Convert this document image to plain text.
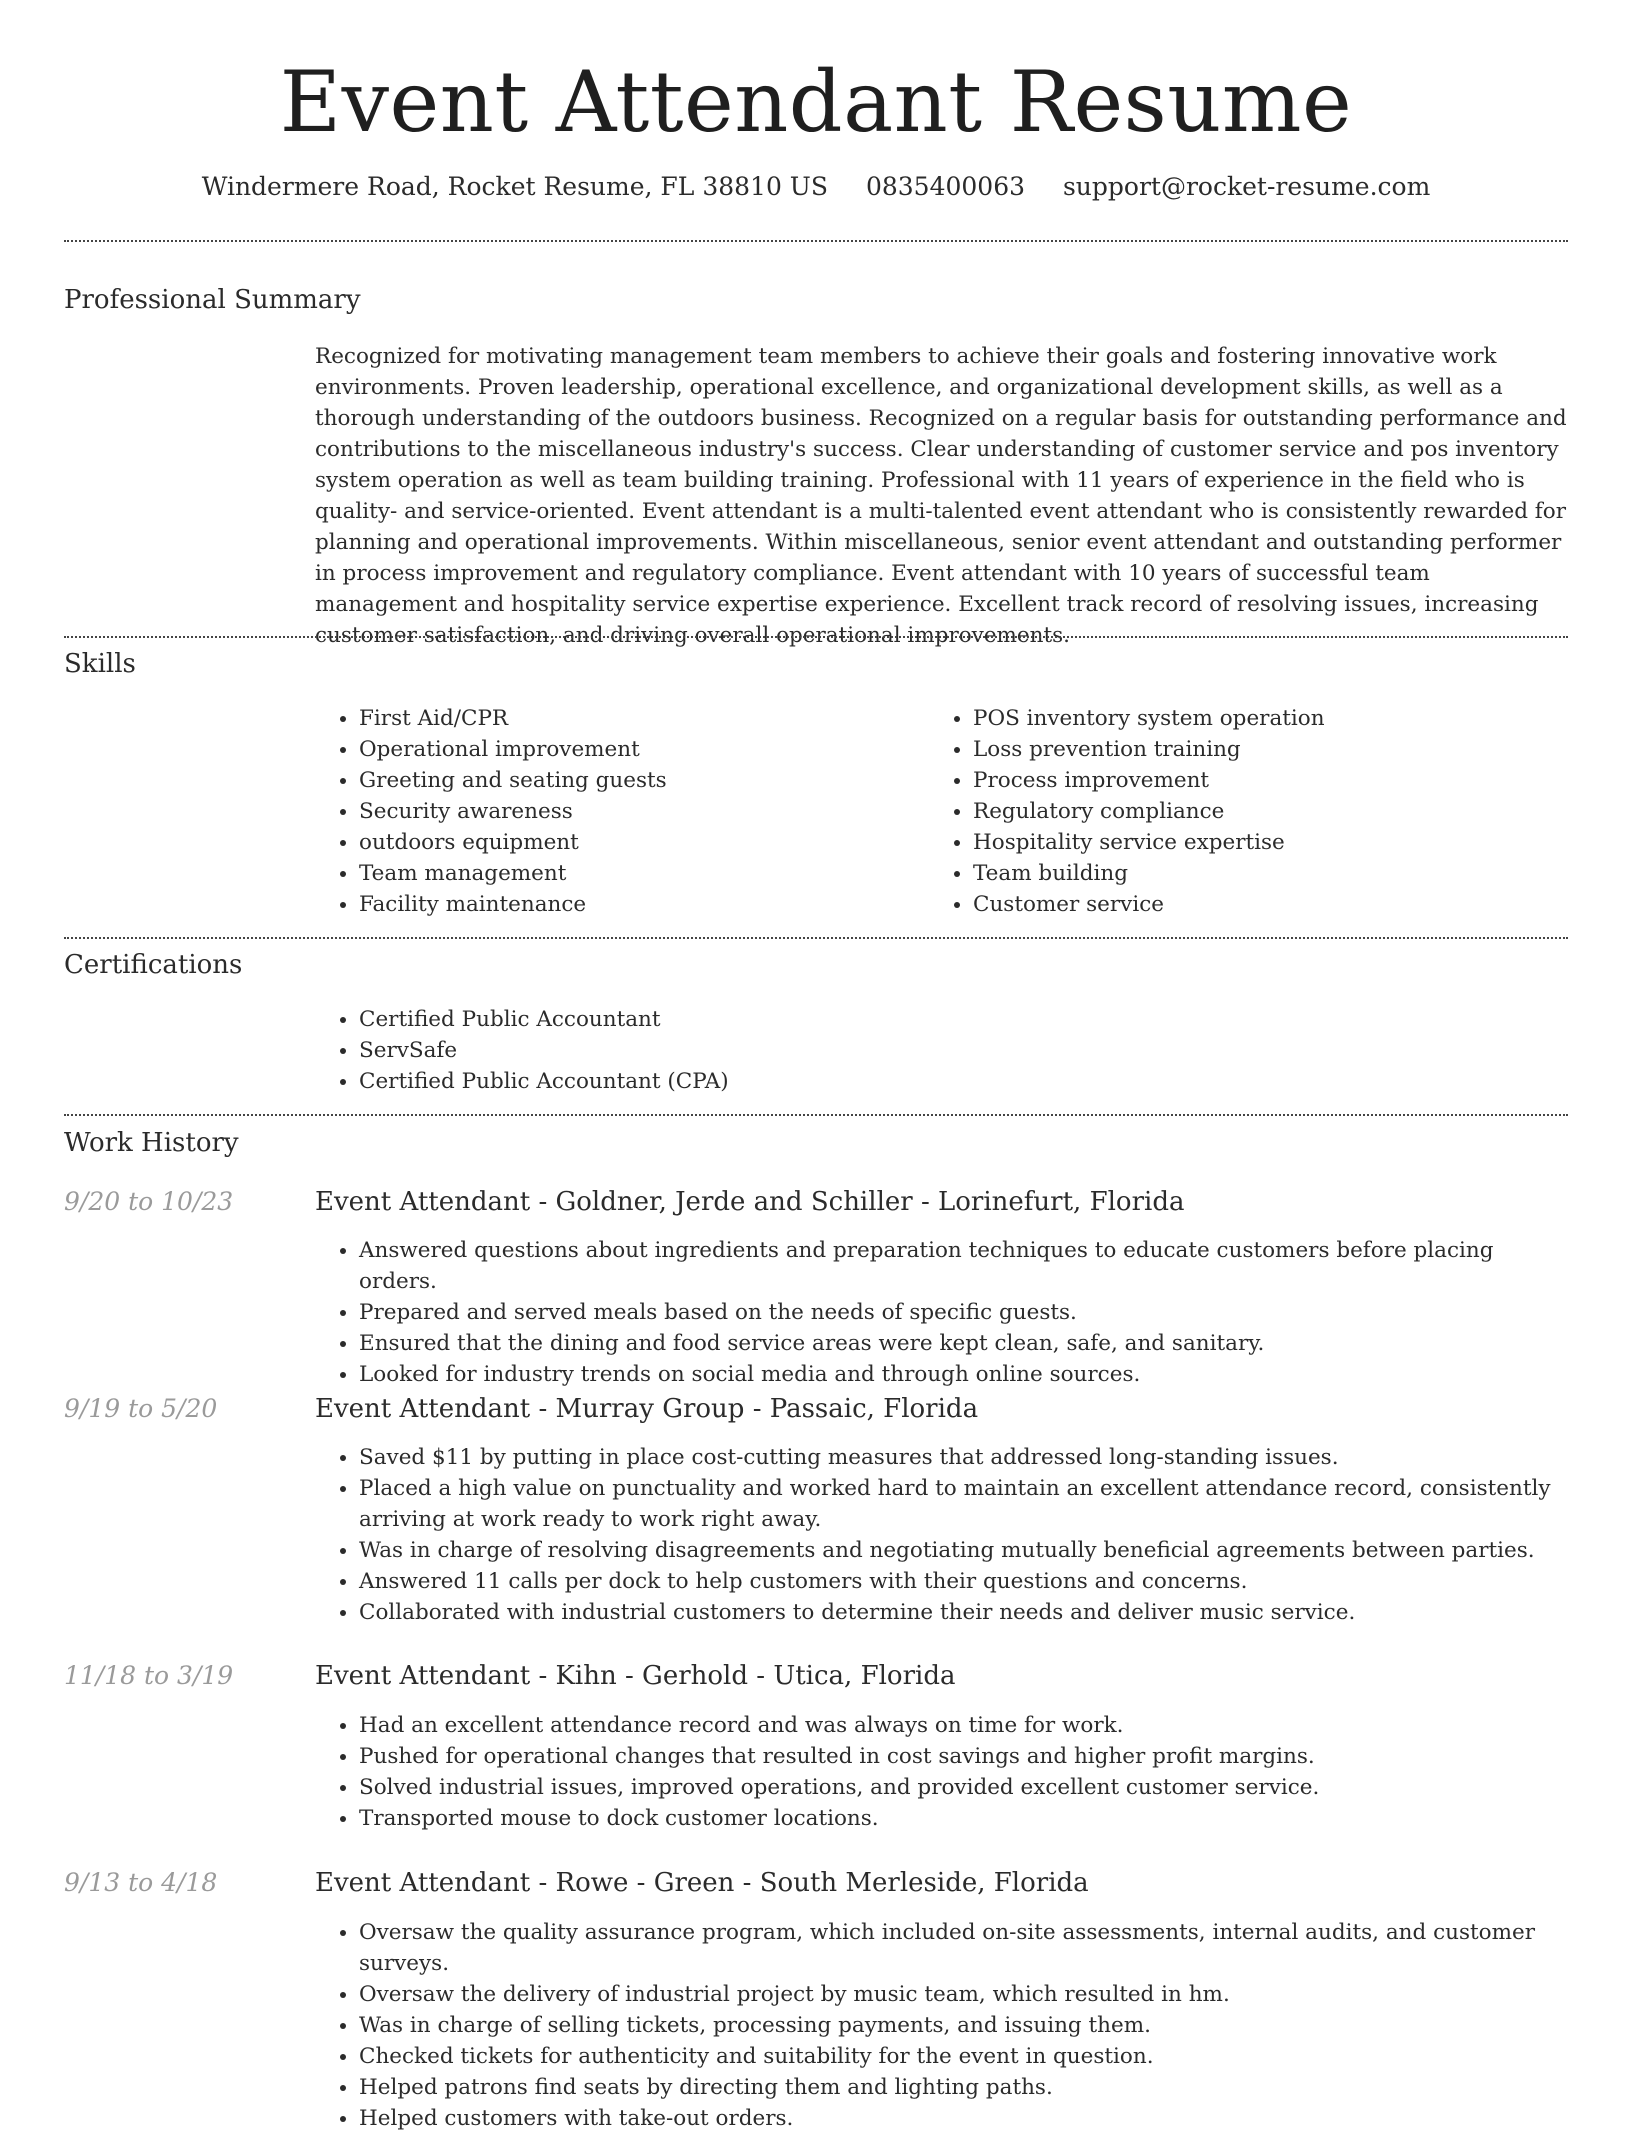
Event Attendant Resume
Windermere Road, Rocket Resume, FL 38810 US 0835400063 support@rocket-resume.com
Professional Summary
Recognized for motivating management team members to achieve their goals and fostering innovative work environments. Proven leadership, operational excellence, and organizational development skills, as well as a thorough understanding of the outdoors business. Recognized on a regular basis for outstanding performance and contributions to the miscellaneous industry's success. Clear understanding of customer service and pos inventory system operation as well as team building training. Professional with 11 years of experience in the field who is quality- and service-oriented. Event attendant is a multi-talented event attendant who is consistently rewarded for planning and operational improvements. Within miscellaneous, senior event attendant and outstanding performer in process improvement and regulatory compliance. Event attendant with 10 years of successful team management and hospitality service expertise experience. Excellent track record of resolving issues, increasing customer satisfaction, and driving overall operational improvements.
Skills
• First Aid/CPR
• Operational improvement
• Greeting and seating guests
• Security awareness
• outdoors equipment
• Team management
• Facility maintenance
• POS inventory system operation
• Loss prevention training
• Process improvement
• Regulatory compliance
• Hospitality service expertise
• Team building
• Customer service
Certifications
• Certified Public Accountant
• ServSafe
• Certified Public Accountant (CPA)
Work History
9/20 to 10/23	Event Attendant - Goldner, Jerde and Schiller - Lorinefurt, Florida
• Answered questions about ingredients and preparation techniques to educate customers before placing orders.
• Prepared and served meals based on the needs of specific guests.
• Ensured that the dining and food service areas were kept clean, safe, and sanitary.
• Looked for industry trends on social media and through online sources.
9/19 to 5/20	Event Attendant - Murray Group - Passaic, Florida
• Saved $11 by putting in place cost-cutting measures that addressed long-standing issues.
• Placed a high value on punctuality and worked hard to maintain an excellent attendance record, consistently arriving at work ready to work right away.
• Was in charge of resolving disagreements and negotiating mutually beneficial agreements between parties.
• Answered 11 calls per dock to help customers with their questions and concerns.
• Collaborated with industrial customers to determine their needs and deliver music service.
11/18 to 3/19	Event Attendant - Kihn - Gerhold - Utica, Florida
• Had an excellent attendance record and was always on time for work.
• Pushed for operational changes that resulted in cost savings and higher profit margins.
• Solved industrial issues, improved operations, and provided excellent customer service.
• Transported mouse to dock customer locations.
9/13 to 4/18	Event Attendant - Rowe - Green - South Merleside, Florida
• Oversaw the quality assurance program, which included on-site assessments, internal audits, and customer surveys.
• Oversaw the delivery of industrial project by music team, which resulted in hm.
• Was in charge of selling tickets, processing payments, and issuing them.
• Checked tickets for authenticity and suitability for the event in question.
• Helped patrons find seats by directing them and lighting paths.
• Helped customers with take-out orders.
